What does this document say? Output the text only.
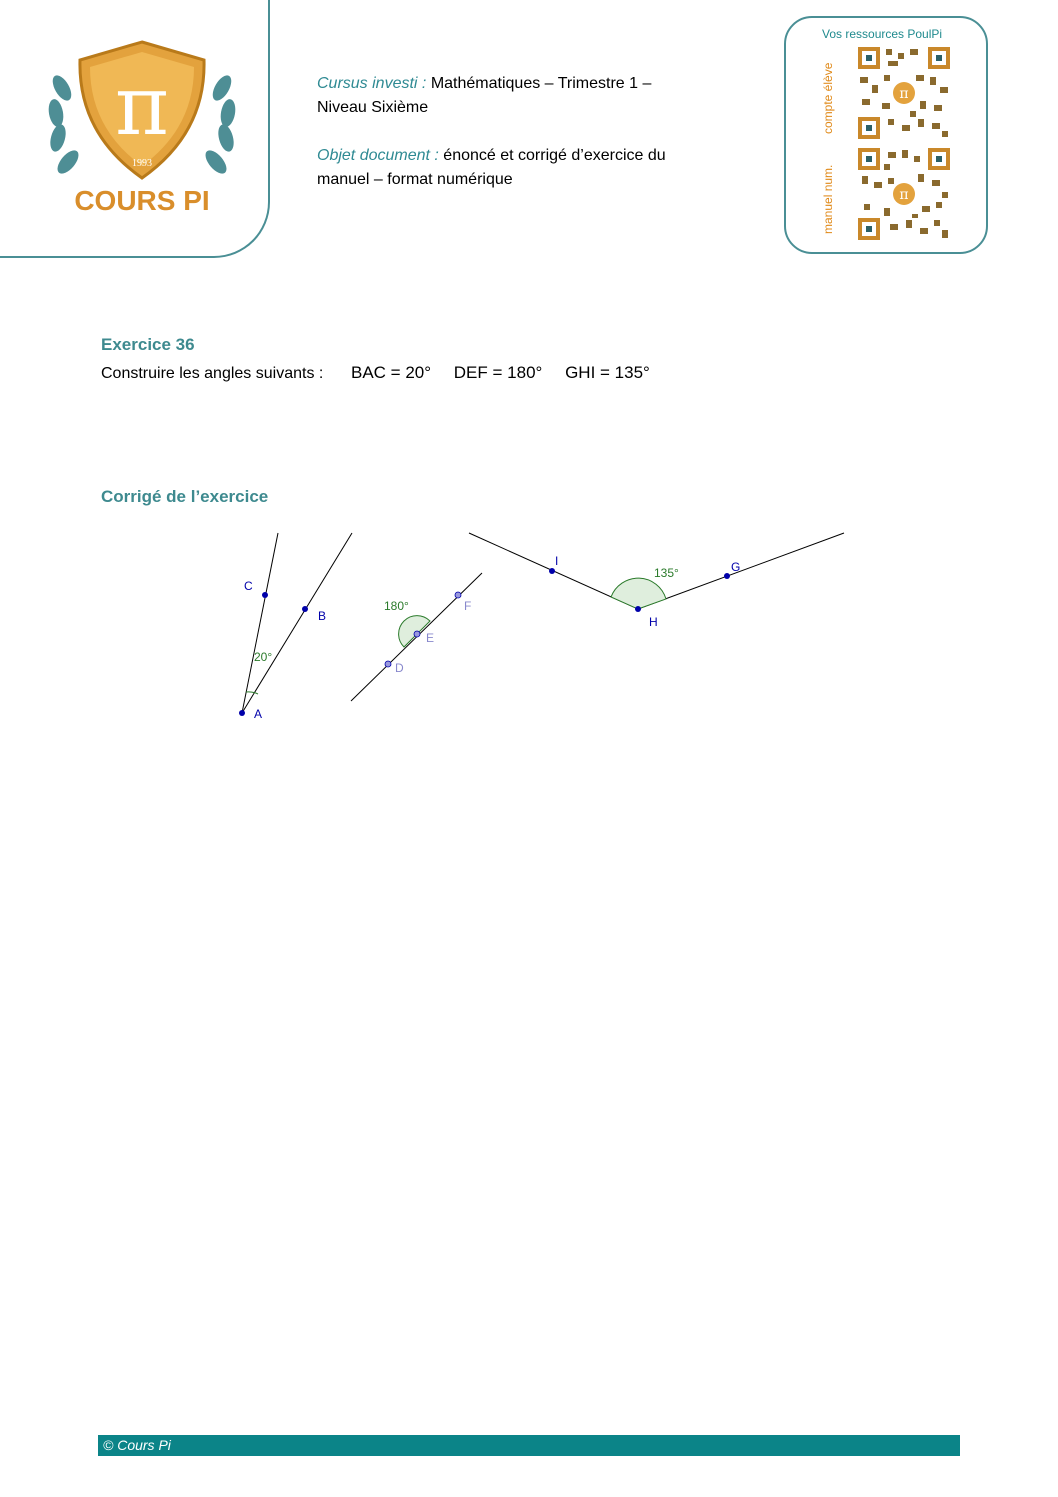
π
1993
COURS PI

Cursus investi : Mathématiques – Trimestre 1 –
Niveau Sixième

Objet document : énoncé et corrigé d’exercice du
manuel – format numérique

Vos ressources PoulPi
compte élève
manuel num.
π
π
Exercice 36
Construire les angles suivants : BAC = 20° DEF = 180° GHI = 135°
Corrigé de l’exercice
C
B
A
20°
D
E
F
180°
I
H
G
135°
© Cours Pi
